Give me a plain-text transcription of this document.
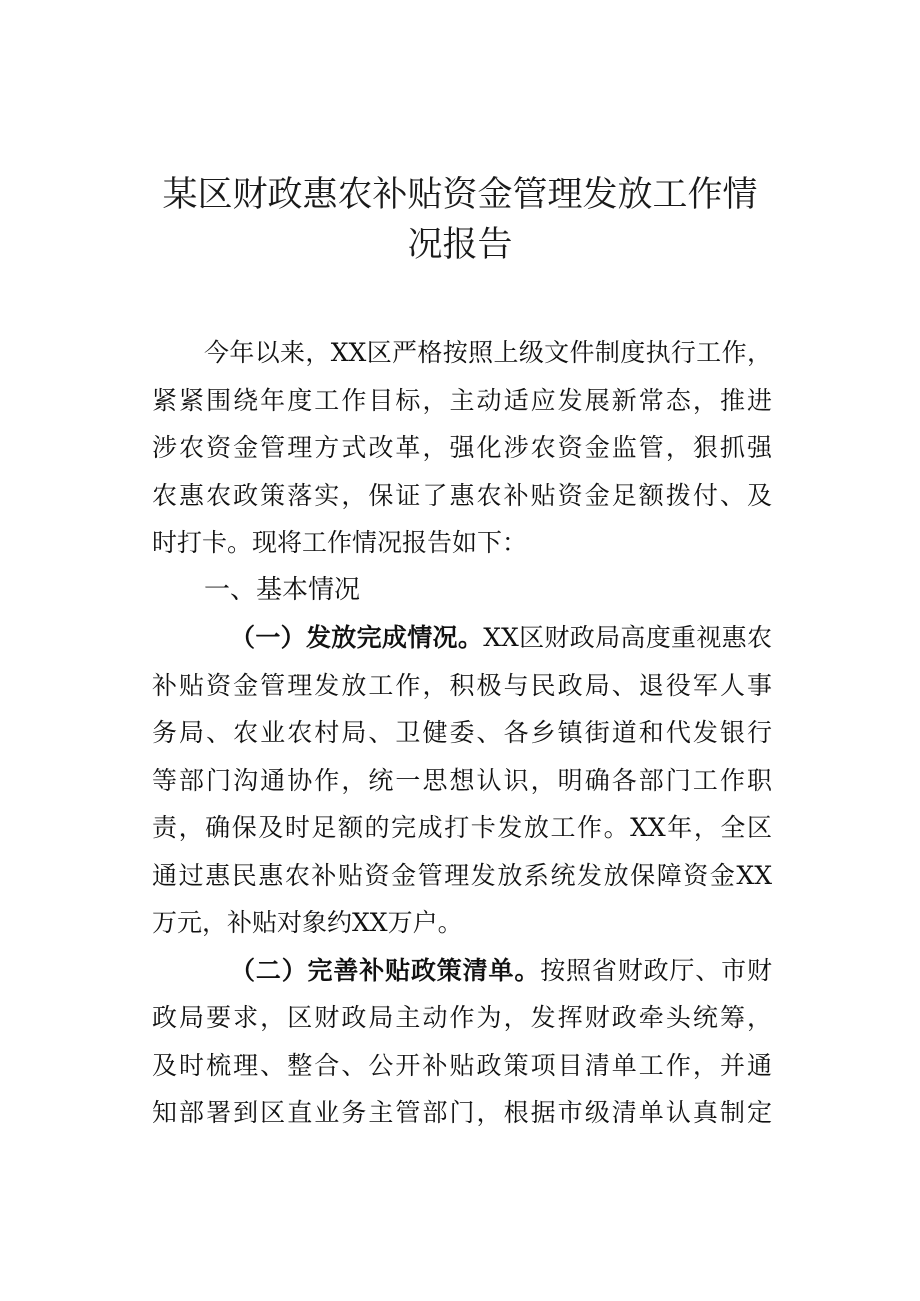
某区财政惠农补贴资金管理发放工作情
况报告
今年以来，XX区严格按照上级文件制度执行工作，
紧紧围绕年度工作目标，主动适应发展新常态，推进
涉农资金管理方式改革，强化涉农资金监管，狠抓强
农惠农政策落实，保证了惠农补贴资金足额拨付、及
时打卡。现将工作情况报告如下：
一、基本情况
（一）发放完成情况。XX区财政局高度重视惠农
补贴资金管理发放工作，积极与民政局、退役军人事
务局、农业农村局、卫健委、各乡镇街道和代发银行
等部门沟通协作，统一思想认识，明确各部门工作职
责，确保及时足额的完成打卡发放工作。XX年，全区
通过惠民惠农补贴资金管理发放系统发放保障资金XX
万元，补贴对象约XX万户。
（二）完善补贴政策清单。按照省财政厅、市财
政局要求，区财政局主动作为，发挥财政牵头统筹，
及时梳理、整合、公开补贴政策项目清单工作，并通
知部署到区直业务主管部门，根据市级清单认真制定
